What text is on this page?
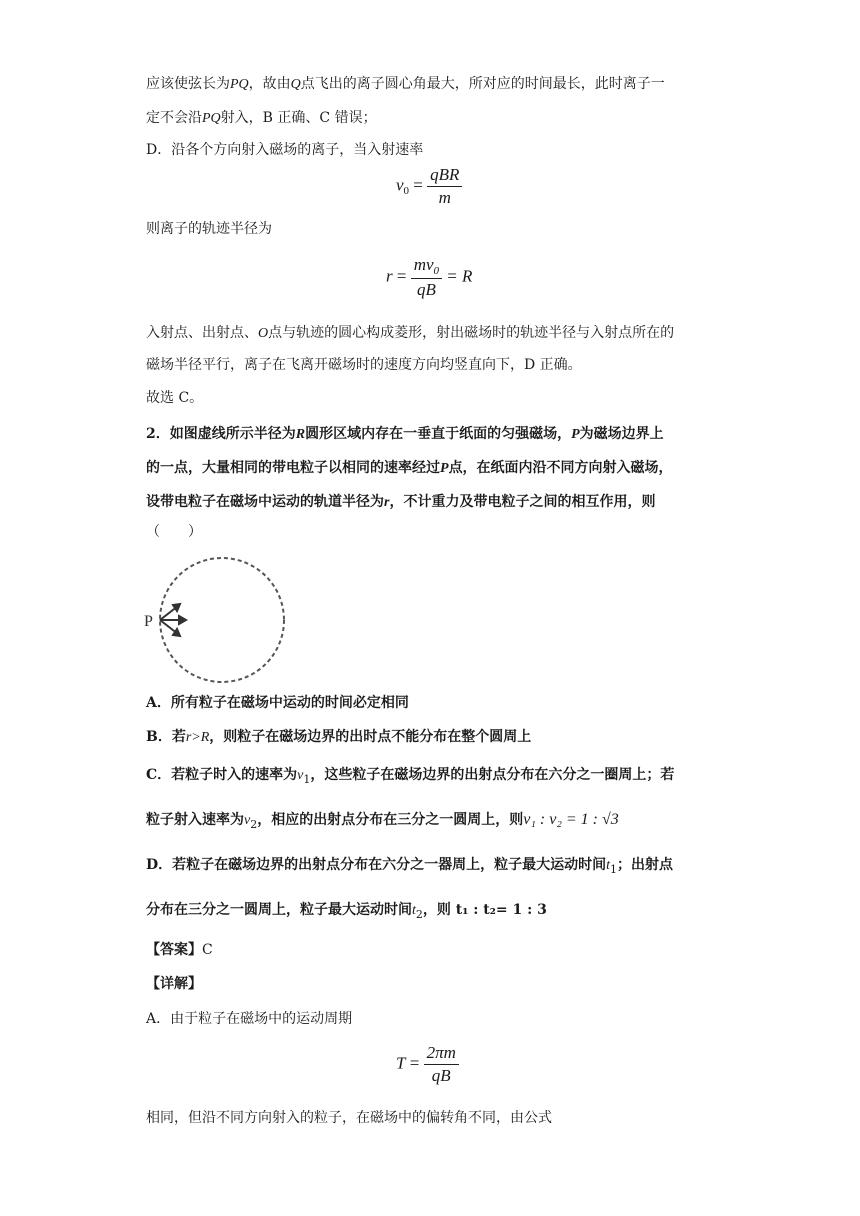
应该使弦长为PQ，故由Q点飞出的离子圆心角最大，所对应的时间最长，此时离子一
定不会沿PQ射入，B 正确、C 错误；
D．沿各个方向射入磁场的离子，当入射速率
$v_0 = \frac{\text{qBR}}{m}$
则离子的轨迹半径为
$r = \frac{mv_0}{qB} = R$
入射点、出射点、O点与轨迹的圆心构成菱形，射出磁场时的轨迹半径与入射点所在的
磁场半径平行，离子在飞离开磁场时的速度方向均竖直向下，D 正确。
故选 C。
2．如图虚线所示半径为R圆形区域内存在一垂直于纸面的匀强磁场，P为磁场边界上
的一点，大量相同的带电粒子以相同的速率经过P点，在纸面内沿不同方向射入磁场，
设带电粒子在磁场中运动的轨道半径为r，不计重力及带电粒子之间的相互作用，则
（　　）
P
A．所有粒子在磁场中运动的时间必定相同
B．若r>R，则粒子在磁场边界的出时点不能分布在整个圆周上
C．若粒子时入的速率为$v_1$，这些粒子在磁场边界的出射点分布在六分之一圈周上；若
粒子射入速率为$v_2$，相应的出射点分布在三分之一圆周上，则v₁ : v₂ = 1 : √3
D．若粒子在磁场边界的出射点分布在六分之一器周上，粒子最大运动时间$t_1$；出射点
分布在三分之一圆周上，粒子最大运动时间$t_2$，则 t₁ : t₂= 1 : 3
【答案】C
【详解】
A．由于粒子在磁场中的运动周期
$T = \frac{2\pi m}{qB}$
相同，但沿不同方向射入的粒子，在磁场中的偏转角不同，由公式
